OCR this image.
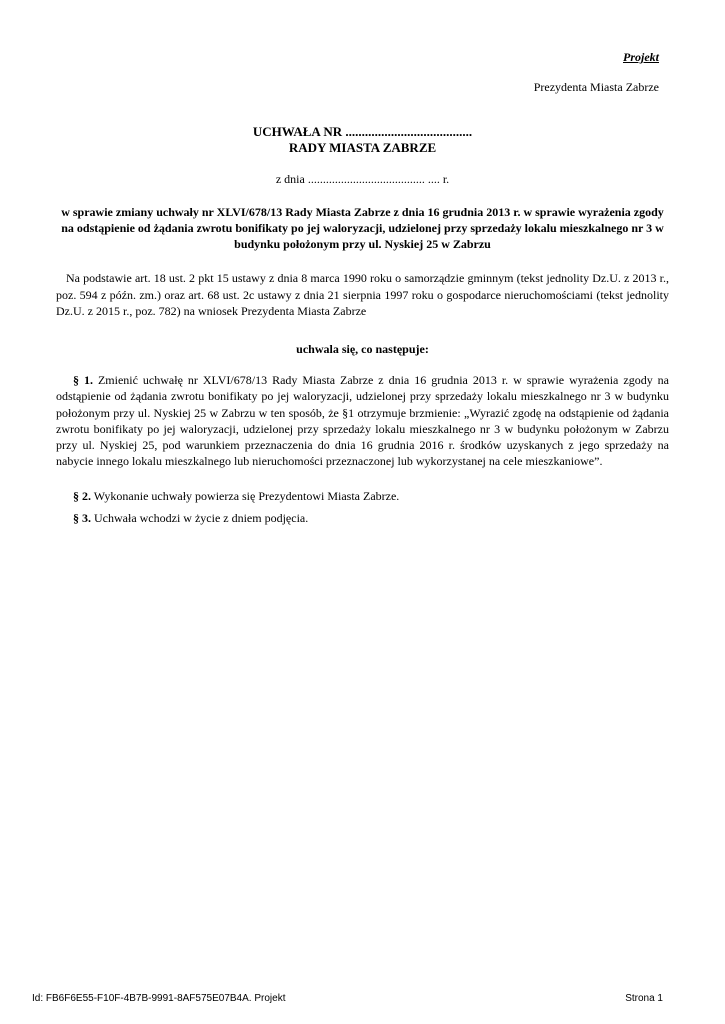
Projekt
Prezydenta Miasta Zabrze
UCHWAŁA NR .......................................
RADY MIASTA ZABRZE
z dnia ....................................... .... r.
w sprawie zmiany uchwały nr XLVI/678/13 Rady Miasta Zabrze z dnia 16 grudnia 2013 r. w sprawie wyrażenia zgody na odstąpienie od żądania zwrotu bonifikaty po jej waloryzacji, udzielonej przy sprzedaży lokalu mieszkalnego nr 3 w budynku położonym przy ul. Nyskiej 25 w Zabrzu
Na podstawie art. 18 ust. 2 pkt 15 ustawy z dnia 8 marca 1990 roku o samorządzie gminnym (tekst jednolity Dz.U. z 2013 r., poz. 594 z późn. zm.) oraz art. 68 ust. 2c ustawy z dnia 21 sierpnia 1997 roku o gospodarce nieruchomościami (tekst jednolity Dz.U. z 2015 r., poz. 782) na wniosek Prezydenta Miasta Zabrze
uchwala się, co następuje:
§ 1. Zmienić uchwałę nr XLVI/678/13 Rady Miasta Zabrze z dnia 16 grudnia 2013 r. w sprawie wyrażenia zgody na odstąpienie od żądania zwrotu bonifikaty po jej waloryzacji, udzielonej przy sprzedaży lokalu mieszkalnego nr 3 w budynku położonym przy ul. Nyskiej 25 w Zabrzu w ten sposób, że §1 otrzymuje brzmienie: „Wyrazić zgodę na odstąpienie od żądania zwrotu bonifikaty po jej waloryzacji, udzielonej przy sprzedaży lokalu mieszkalnego nr 3 w budynku położonym w Zabrzu przy ul. Nyskiej 25, pod warunkiem przeznaczenia do dnia 16 grudnia 2016 r. środków uzyskanych z jego sprzedaży na nabycie innego lokalu mieszkalnego lub nieruchomości przeznaczonej lub wykorzystanej na cele mieszkaniowe”.
§ 2. Wykonanie uchwały powierza się Prezydentowi Miasta Zabrze.
§ 3. Uchwała wchodzi w życie z dniem podjęcia.
Id: FB6F6E55-F10F-4B7B-9991-8AF575E07B4A. Projekt	Strona 1
